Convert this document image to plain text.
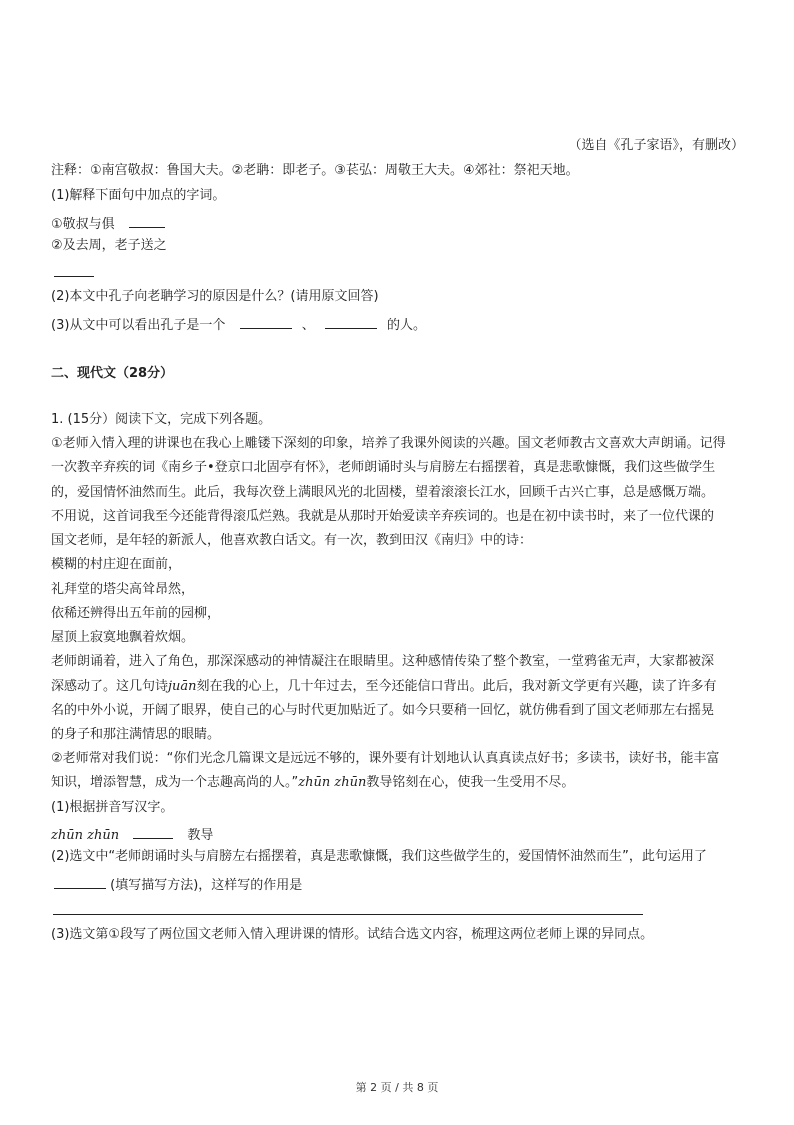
（选自《孔子家语》，有删改）
注释：①南宫敬叔：鲁国大夫。②老聃：即老子。③苌弘：周敬王大夫。④郊社：祭祀天地。
(1)解释下面句中加点的字词。
①敬叔与俱
②及去周，老子送之
(2)本文中孔子向老聃学习的原因是什么？(请用原文回答)
(3)从文中可以看出孔子是一个	、	的人。
二、现代文（28分）
1. (15分）阅读下文，完成下列各题。
①老师入情入理的讲课也在我心上雕镂下深刻的印象，培养了我课外阅读的兴趣。国文老师教古文喜欢大声朗诵。记得
一次教辛弃疾的词《南乡子•登京口北固亭有怀》，老师朗诵时头与肩膀左右摇摆着，真是悲歌慷慨，我们这些做学生
的，爱国情怀油然而生。此后，我每次登上满眼风光的北固楼，望着滚滚长江水，回顾千古兴亡事，总是感慨万端。
不用说，这首词我至今还能背得滚瓜烂熟。我就是从那时开始爱读辛弃疾词的。也是在初中读书时，来了一位代课的
国文老师，是年轻的新派人，他喜欢教白话文。有一次，教到田汉《南归》中的诗：
模糊的村庄迎在面前，
礼拜堂的塔尖高耸昂然，
依稀还辨得出五年前的园柳，
屋顶上寂寞地飘着炊烟。
老师朗诵着，进入了角色，那深深感动的神情凝注在眼睛里。这种感情传染了整个教室，一堂鸦雀无声，大家都被深
深感动了。这几句诗juān刻在我的心上，几十年过去，至今还能信口背出。此后，我对新文学更有兴趣，读了许多有
名的中外小说，开阔了眼界，使自己的心与时代更加贴近了。如今只要稍一回忆，就仿佛看到了国文老师那左右摇晃
的身子和那注满情思的眼睛。
②老师常对我们说：“你们光念几篇课文是远远不够的，课外要有计划地认认真真读点好书；多读书，读好书，能丰富
知识，增添智慧，成为一个志趣高尚的人。”zhūn zhūn教导铭刻在心，使我一生受用不尽。
(1)根据拼音写汉字。
zhūn zhūn	教导
(2)选文中“老师朗诵时头与肩膀左右摇摆着，真是悲歌慷慨，我们这些做学生的，爱国情怀油然而生”，此句运用了
(填写描写方法)，这样写的作用是
(3)选文第①段写了两位国文老师入情入理讲课的情形。试结合选文内容，梳理这两位老师上课的异同点。
第 2 页 / 共 8 页
